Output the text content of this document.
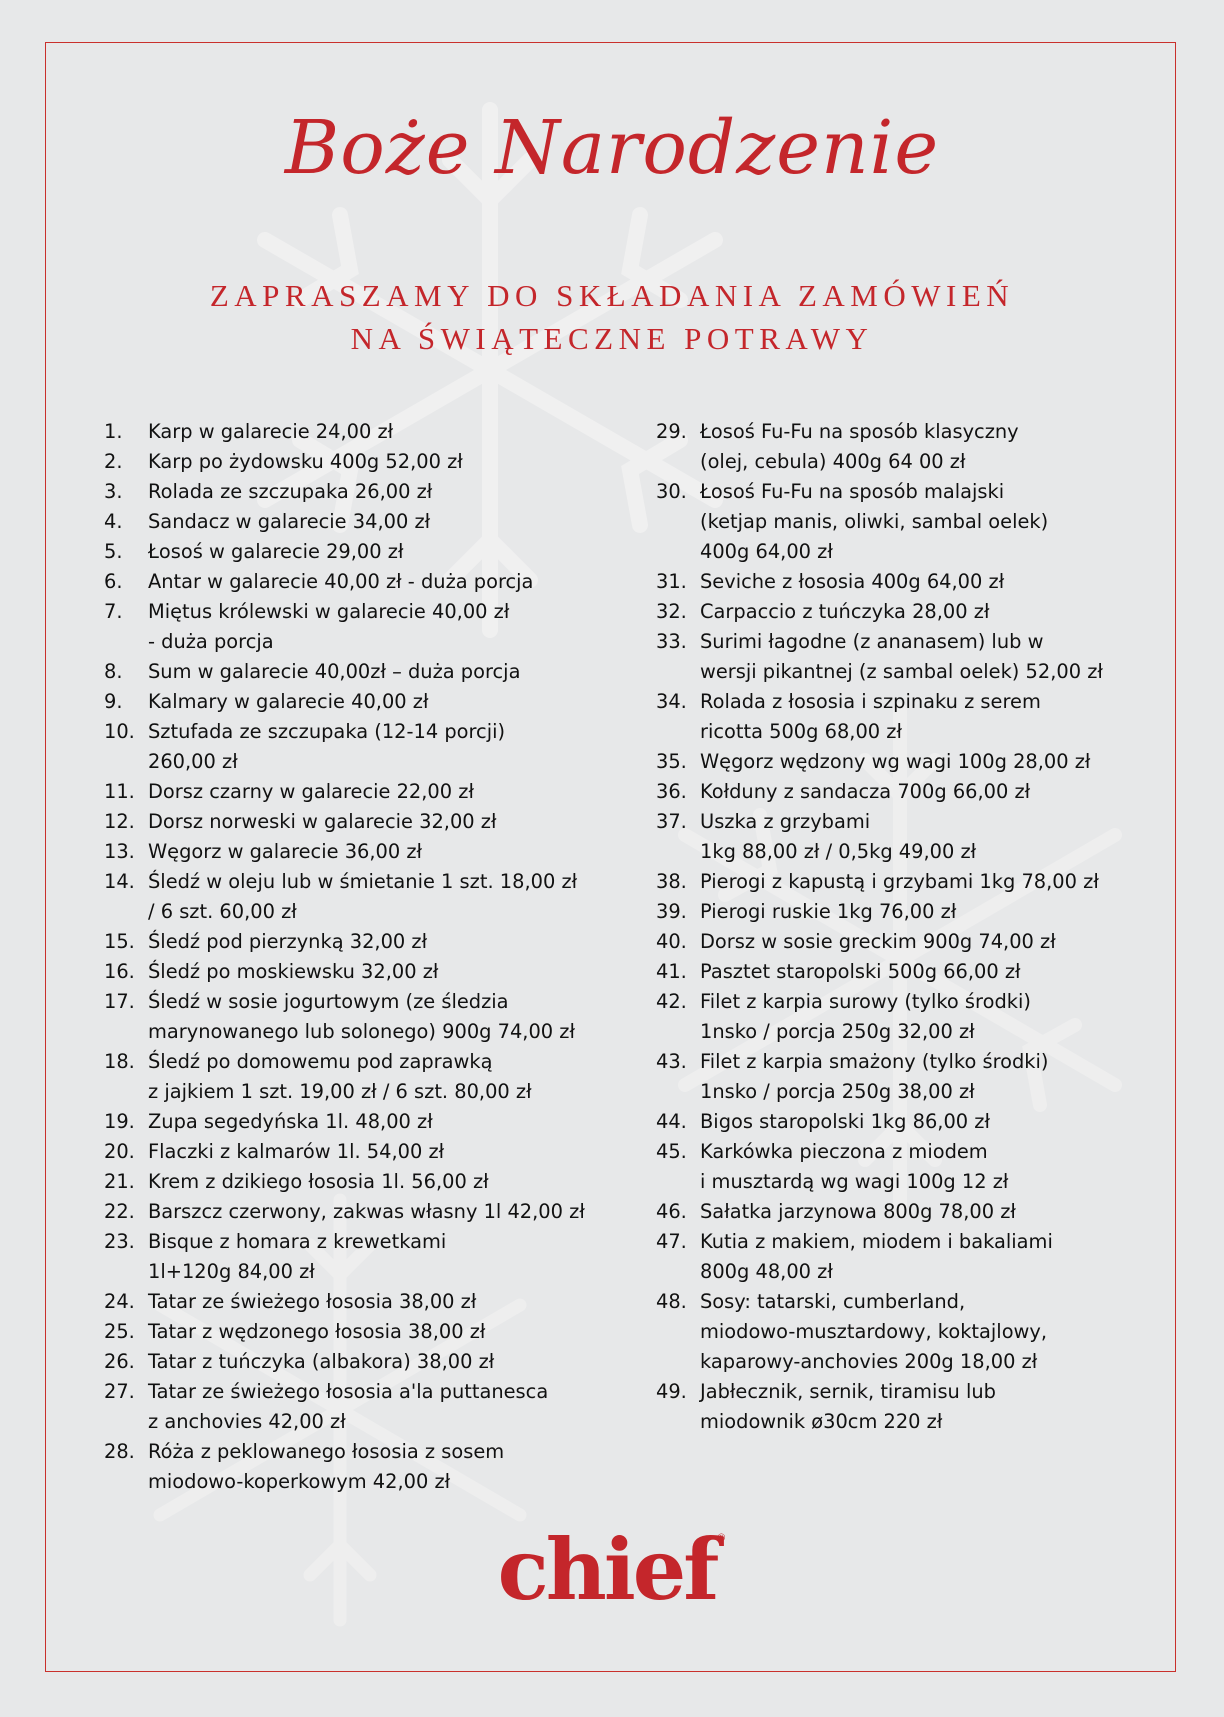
Boże Narodzenie
ZAPRASZAMY DO SKŁADANIA ZAMÓWIEŃ
NA ŚWIĄTECZNE POTRAWY
1.	Karp w galarecie 24,00 zł
2.	Karp po żydowsku 400g 52,00 zł
3.	Rolada ze szczupaka 26,00 zł
4.	Sandacz w galarecie 34,00 zł
5.	Łosoś w galarecie 29,00 zł
6.	Antar w galarecie 40,00 zł - duża porcja
7.	Miętus królewski w galarecie 40,00 zł
- duża porcja
8.	Sum w galarecie 40,00zł – duża porcja
9.	Kalmary w galarecie 40,00 zł
10. Sztufada ze szczupaka (12-14 porcji)
260,00 zł
11. Dorsz czarny w galarecie 22,00 zł
12. Dorsz norweski w galarecie 32,00 zł
13. Węgorz w galarecie 36,00 zł
14. Śledź w oleju lub w śmietanie 1 szt. 18,00 zł
/ 6 szt. 60,00 zł
15. Śledź pod pierzynką 32,00 zł
16. Śledź po moskiewsku 32,00 zł
17. Śledź w sosie jogurtowym (ze śledzia
marynowanego lub solonego) 900g 74,00 zł
18. Śledź po domowemu pod zaprawką
z jajkiem 1 szt. 19,00 zł / 6 szt. 80,00 zł
19. Zupa segedyńska 1l. 48,00 zł
20. Flaczki z kalmarów 1l. 54,00 zł
21. Krem z dzikiego łososia 1l. 56,00 zł
22. Barszcz czerwony, zakwas własny 1l 42,00 zł
23. Bisque z homara z krewetkami
1l+120g 84,00 zł
24. Tatar ze świeżego łososia 38,00 zł
25. Tatar z wędzonego łososia 38,00 zł
26. Tatar z tuńczyka (albakora) 38,00 zł
27. Tatar ze świeżego łososia a'la puttanesca
z anchovies 42,00 zł
28. Róża z peklowanego łososia z sosem
miodowo-koperkowym 42,00 zł
29. Łosoś Fu-Fu na sposób klasyczny
(olej, cebula) 400g 64 00 zł
30. Łosoś Fu-Fu na sposób malajski
(ketjap manis, oliwki, sambal oelek)
400g 64,00 zł
31. Seviche z łososia 400g 64,00 zł
32. Carpaccio z tuńczyka 28,00 zł
33. Surimi łagodne (z ananasem) lub w
wersji pikantnej (z sambal oelek) 52,00 zł
34. Rolada z łososia i szpinaku z serem
ricotta 500g 68,00 zł
35. Węgorz wędzony wg wagi 100g 28,00 zł
36. Kołduny z sandacza 700g 66,00 zł
37. Uszka z grzybami
1kg 88,00 zł / 0,5kg 49,00 zł
38. Pierogi z kapustą i grzybami 1kg 78,00 zł
39. Pierogi ruskie 1kg 76,00 zł
40. Dorsz w sosie greckim 900g 74,00 zł
41. Pasztet staropolski 500g 66,00 zł
42. Filet z karpia surowy (tylko środki)
1nsko / porcja 250g 32,00 zł
43. Filet z karpia smażony (tylko środki)
1nsko / porcja 250g 38,00 zł
44. Bigos staropolski 1kg 86,00 zł
45. Karkówka pieczona z miodem
i musztardą wg wagi 100g 12 zł
46. Sałatka jarzynowa 800g 78,00 zł
47. Kutia z makiem, miodem i bakaliami
800g 48,00 zł
48. Sosy: tatarski, cumberland,
miodowo-musztardowy, koktajlowy,
kaparowy-anchovies 200g 18,00 zł
49. Jabłecznik, sernik, tiramisu lub
miodownik ø30cm 220 zł
chief®
